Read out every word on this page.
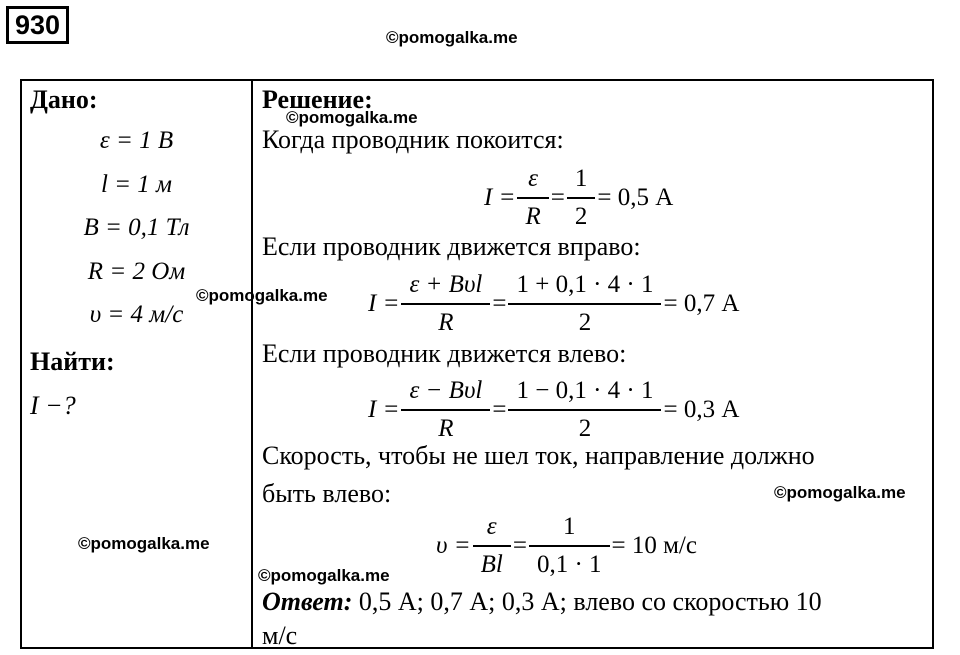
930	©pomogalka.me
Дано:
ε = 1 В
l = 1 м
B = 0,1 Тл
R = 2 Ом
υ = 4 м/с
Найти:
I −?
Решение:
Когда проводник покоится:
$I = \frac{\varepsilon}{R} = \frac{1}{2} = 0,5$ А
Если проводник движется вправо:
$I = \frac{\text{ε + Bυl}}{R} = \frac{1 + 0,1 \cdot 4 \cdot 1}{2} = 0,7$ А
Если проводник движется влево:
$I = \frac{\text{ε − Bυl}}{R} = \frac{1 - 0,1 \cdot 4 \cdot 1}{2} = 0,3$ А
Скорость, чтобы не шел ток, направление должно
быть влево:
$\upsilon = \frac{\varepsilon}{Bl} = \frac{1}{0,1 \cdot 1} = 10$ м/с
Ответ: 0,5 А; 0,7 А; 0,3 А; влево со скоростью 10
м/с
©pomogalka.me
©pomogalka.me
©pomogalka.me
©pomogalka.me
©pomogalka.me
